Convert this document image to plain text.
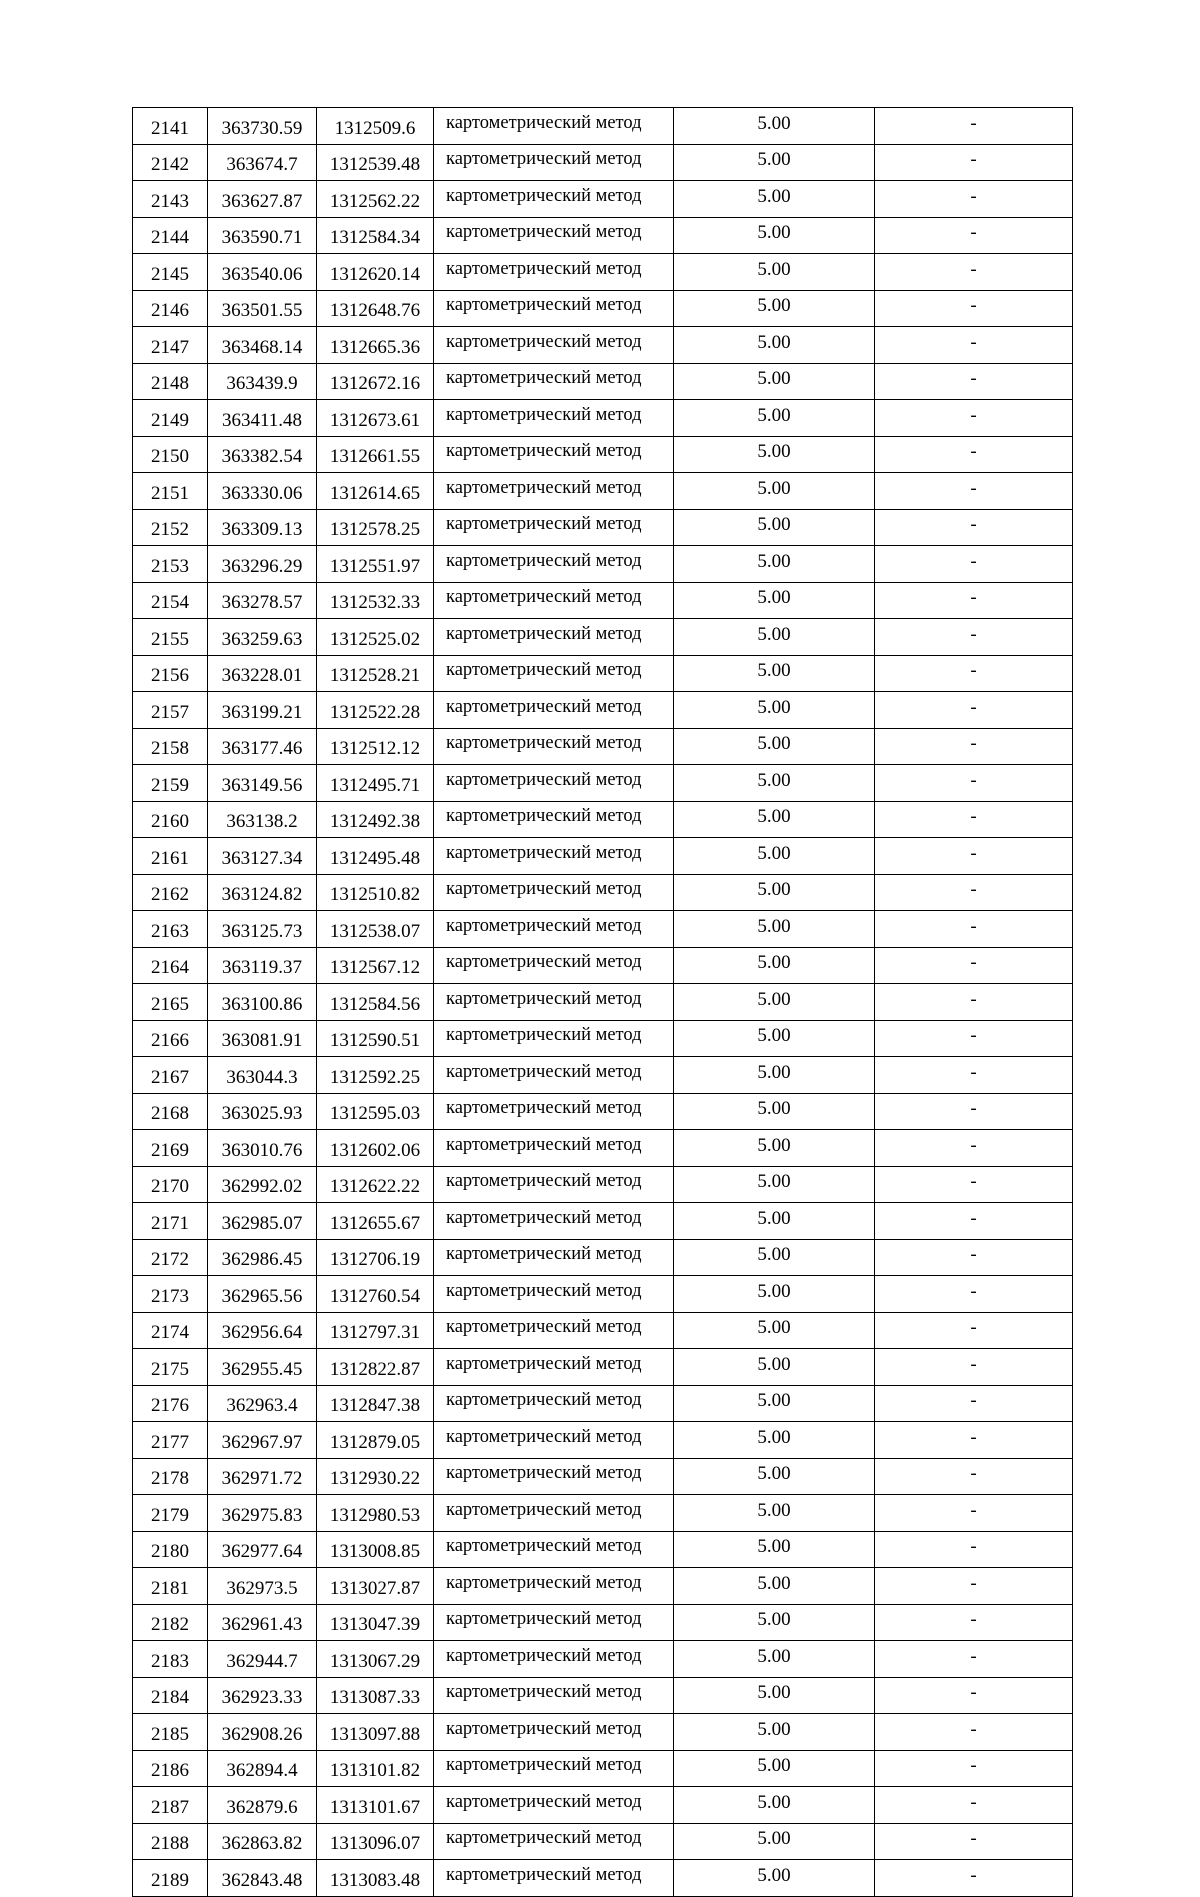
2141	363730.59	1312509.6	картометрический метод	5.00	-
2142	363674.7	1312539.48	картометрический метод	5.00	-
2143	363627.87	1312562.22	картометрический метод	5.00	-
2144	363590.71	1312584.34	картометрический метод	5.00	-
2145	363540.06	1312620.14	картометрический метод	5.00	-
2146	363501.55	1312648.76	картометрический метод	5.00	-
2147	363468.14	1312665.36	картометрический метод	5.00	-
2148	363439.9	1312672.16	картометрический метод	5.00	-
2149	363411.48	1312673.61	картометрический метод	5.00	-
2150	363382.54	1312661.55	картометрический метод	5.00	-
2151	363330.06	1312614.65	картометрический метод	5.00	-
2152	363309.13	1312578.25	картометрический метод	5.00	-
2153	363296.29	1312551.97	картометрический метод	5.00	-
2154	363278.57	1312532.33	картометрический метод	5.00	-
2155	363259.63	1312525.02	картометрический метод	5.00	-
2156	363228.01	1312528.21	картометрический метод	5.00	-
2157	363199.21	1312522.28	картометрический метод	5.00	-
2158	363177.46	1312512.12	картометрический метод	5.00	-
2159	363149.56	1312495.71	картометрический метод	5.00	-
2160	363138.2	1312492.38	картометрический метод	5.00	-
2161	363127.34	1312495.48	картометрический метод	5.00	-
2162	363124.82	1312510.82	картометрический метод	5.00	-
2163	363125.73	1312538.07	картометрический метод	5.00	-
2164	363119.37	1312567.12	картометрический метод	5.00	-
2165	363100.86	1312584.56	картометрический метод	5.00	-
2166	363081.91	1312590.51	картометрический метод	5.00	-
2167	363044.3	1312592.25	картометрический метод	5.00	-
2168	363025.93	1312595.03	картометрический метод	5.00	-
2169	363010.76	1312602.06	картометрический метод	5.00	-
2170	362992.02	1312622.22	картометрический метод	5.00	-
2171	362985.07	1312655.67	картометрический метод	5.00	-
2172	362986.45	1312706.19	картометрический метод	5.00	-
2173	362965.56	1312760.54	картометрический метод	5.00	-
2174	362956.64	1312797.31	картометрический метод	5.00	-
2175	362955.45	1312822.87	картометрический метод	5.00	-
2176	362963.4	1312847.38	картометрический метод	5.00	-
2177	362967.97	1312879.05	картометрический метод	5.00	-
2178	362971.72	1312930.22	картометрический метод	5.00	-
2179	362975.83	1312980.53	картометрический метод	5.00	-
2180	362977.64	1313008.85	картометрический метод	5.00	-
2181	362973.5	1313027.87	картометрический метод	5.00	-
2182	362961.43	1313047.39	картометрический метод	5.00	-
2183	362944.7	1313067.29	картометрический метод	5.00	-
2184	362923.33	1313087.33	картометрический метод	5.00	-
2185	362908.26	1313097.88	картометрический метод	5.00	-
2186	362894.4	1313101.82	картометрический метод	5.00	-
2187	362879.6	1313101.67	картометрический метод	5.00	-
2188	362863.82	1313096.07	картометрический метод	5.00	-
2189	362843.48	1313083.48	картометрический метод	5.00	-
